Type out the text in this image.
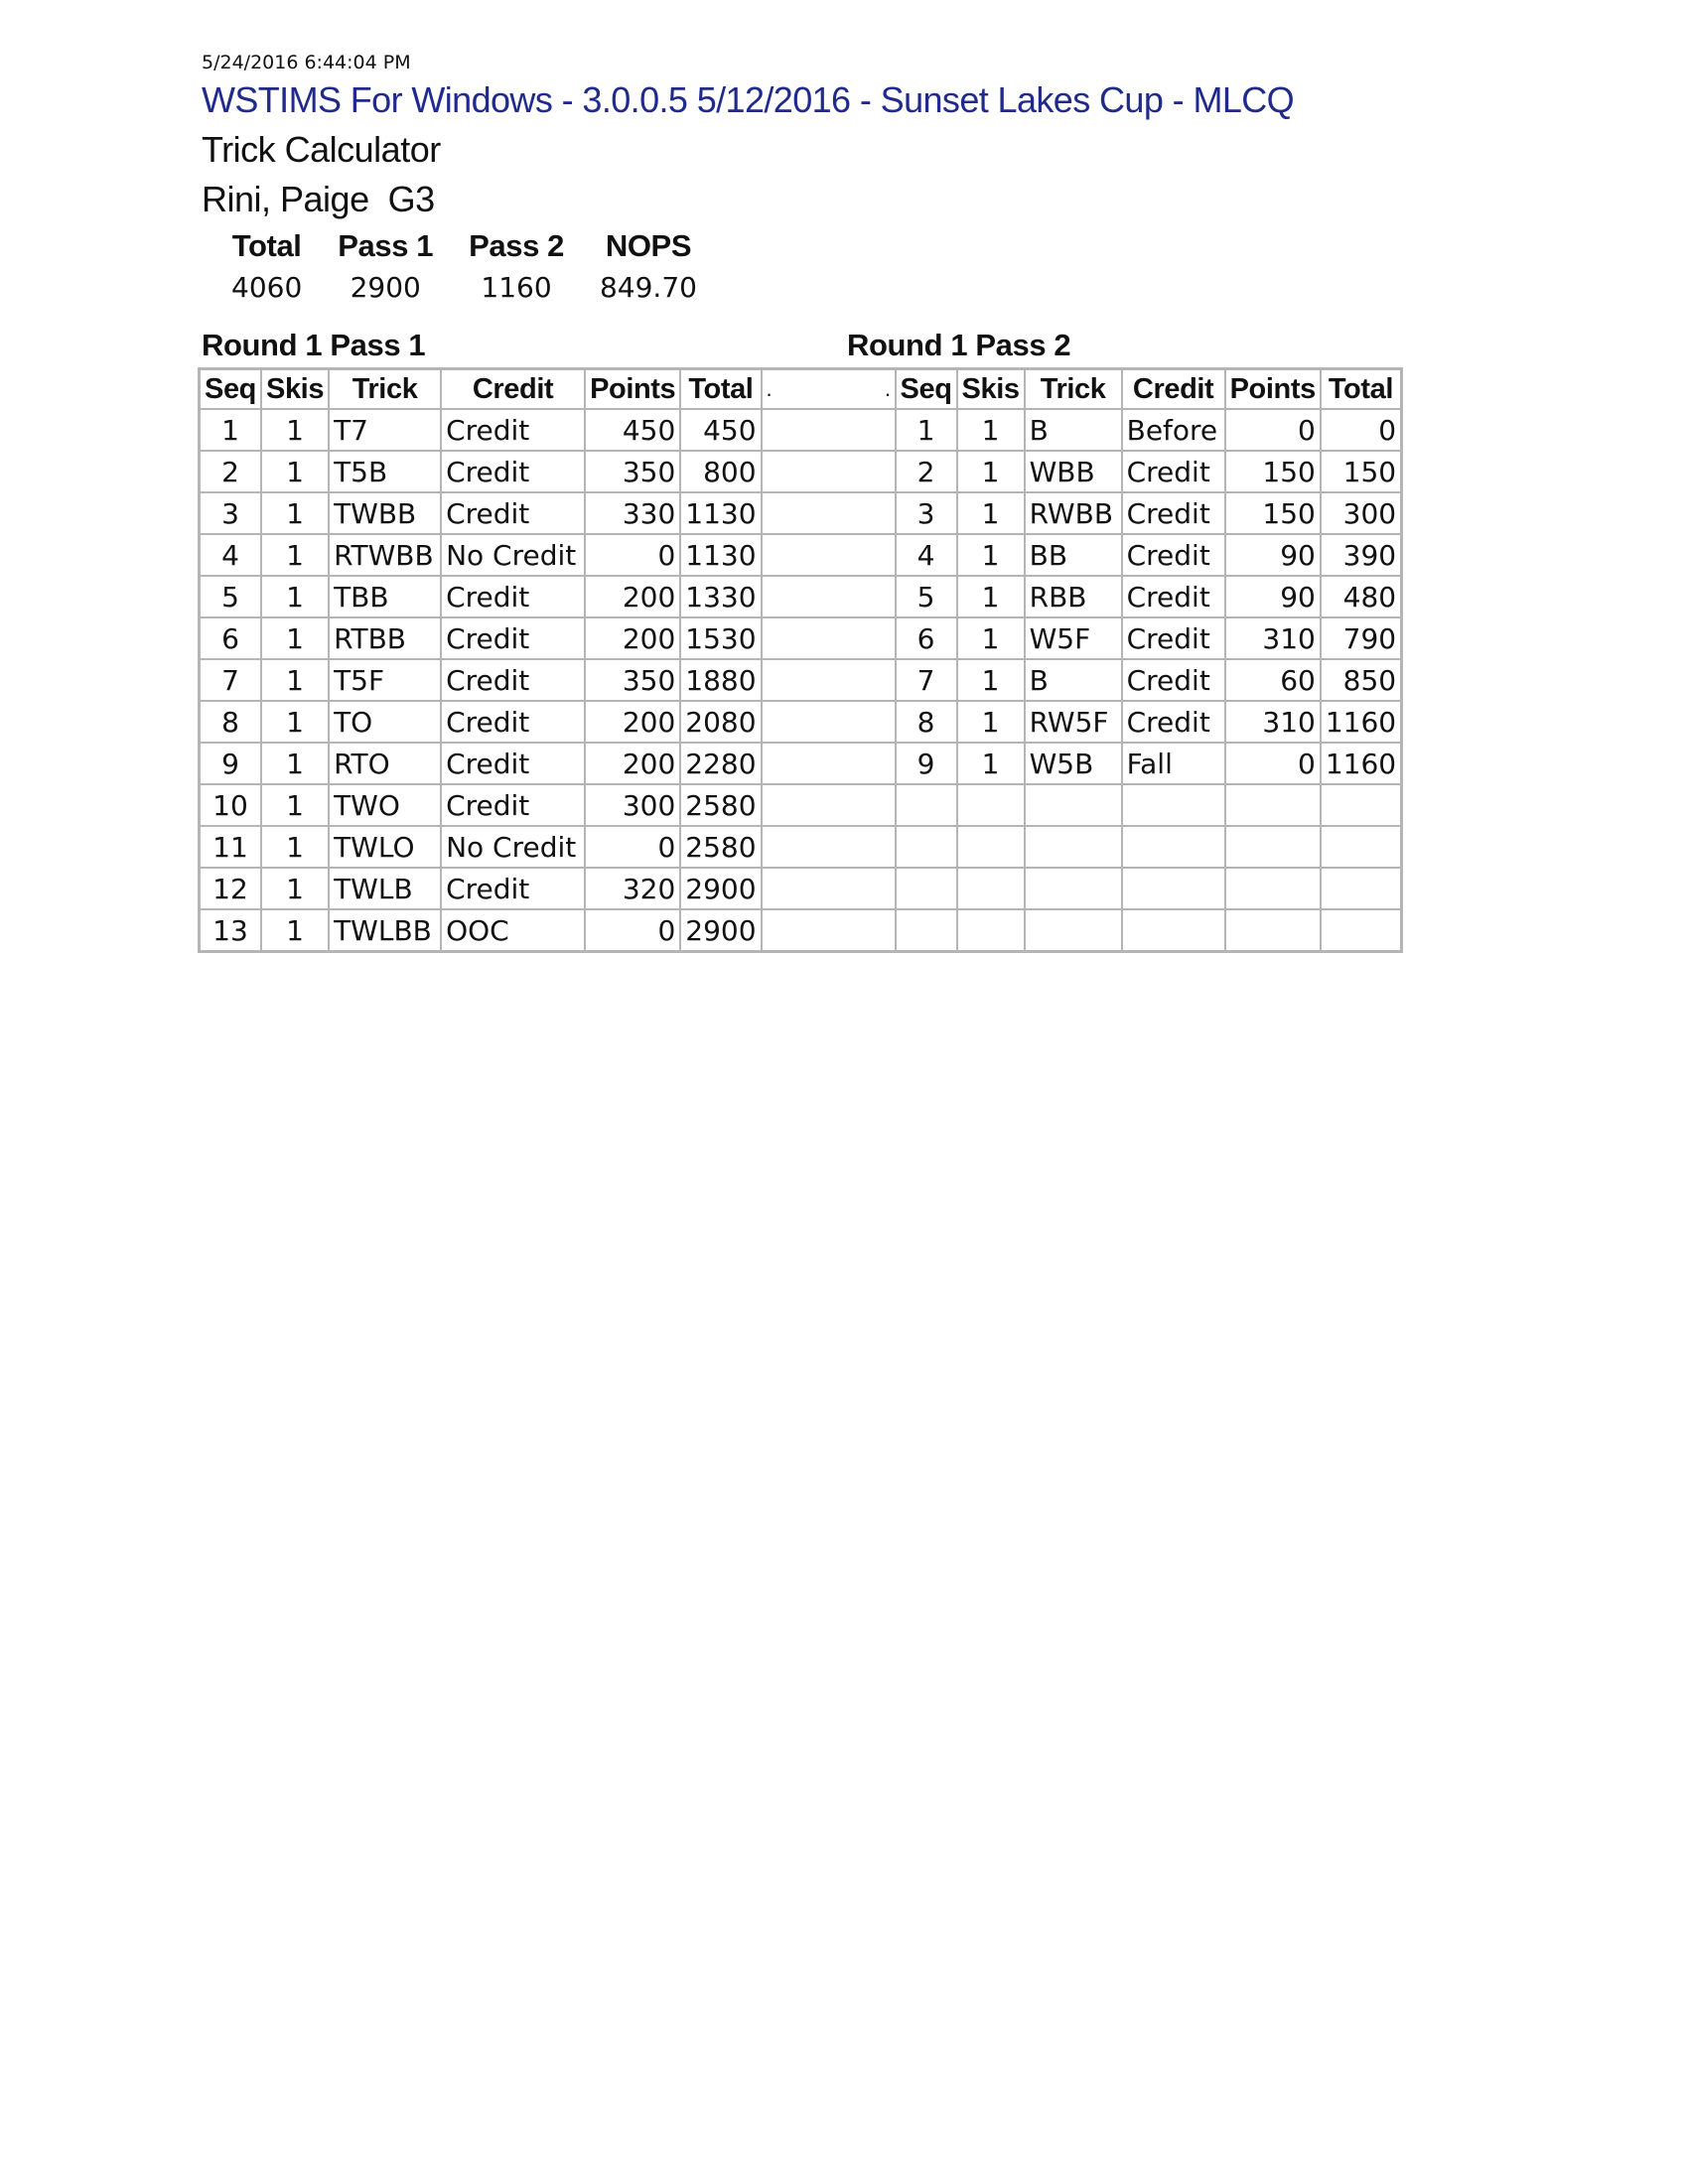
5/24/2016 6:44:04 PM
WSTIMS For Windows - 3.0.0.5 5/12/2016 - Sunset Lakes Cup - MLCQ
Trick Calculator
Rini, Paige  G3
Total	Pass 1	Pass 2	NOPS
4060	2900	1160	849.70
Round 1 Pass 1	Round 1 Pass 2
Seq	Skis	Trick	Credit	Points	Total	. .	Seq	Skis	Trick	Credit	Points	Total
1	1	T7	Credit	450	450		1	1	B	Before	0	0
2	1	T5B	Credit	350	800		2	1	WBB	Credit	150	150
3	1	TWBB	Credit	330	1130		3	1	RWBB	Credit	150	300
4	1	RTWBB	No Credit	0	1130		4	1	BB	Credit	90	390
5	1	TBB	Credit	200	1330		5	1	RBB	Credit	90	480
6	1	RTBB	Credit	200	1530		6	1	W5F	Credit	310	790
7	1	T5F	Credit	350	1880		7	1	B	Credit	60	850
8	1	TO	Credit	200	2080		8	1	RW5F	Credit	310	1160
9	1	RTO	Credit	200	2280		9	1	W5B	Fall	0	1160
10	1	TWO	Credit	300	2580							
11	1	TWLO	No Credit	0	2580							
12	1	TWLB	Credit	320	2900							
13	1	TWLBB	OOC	0	2900							
